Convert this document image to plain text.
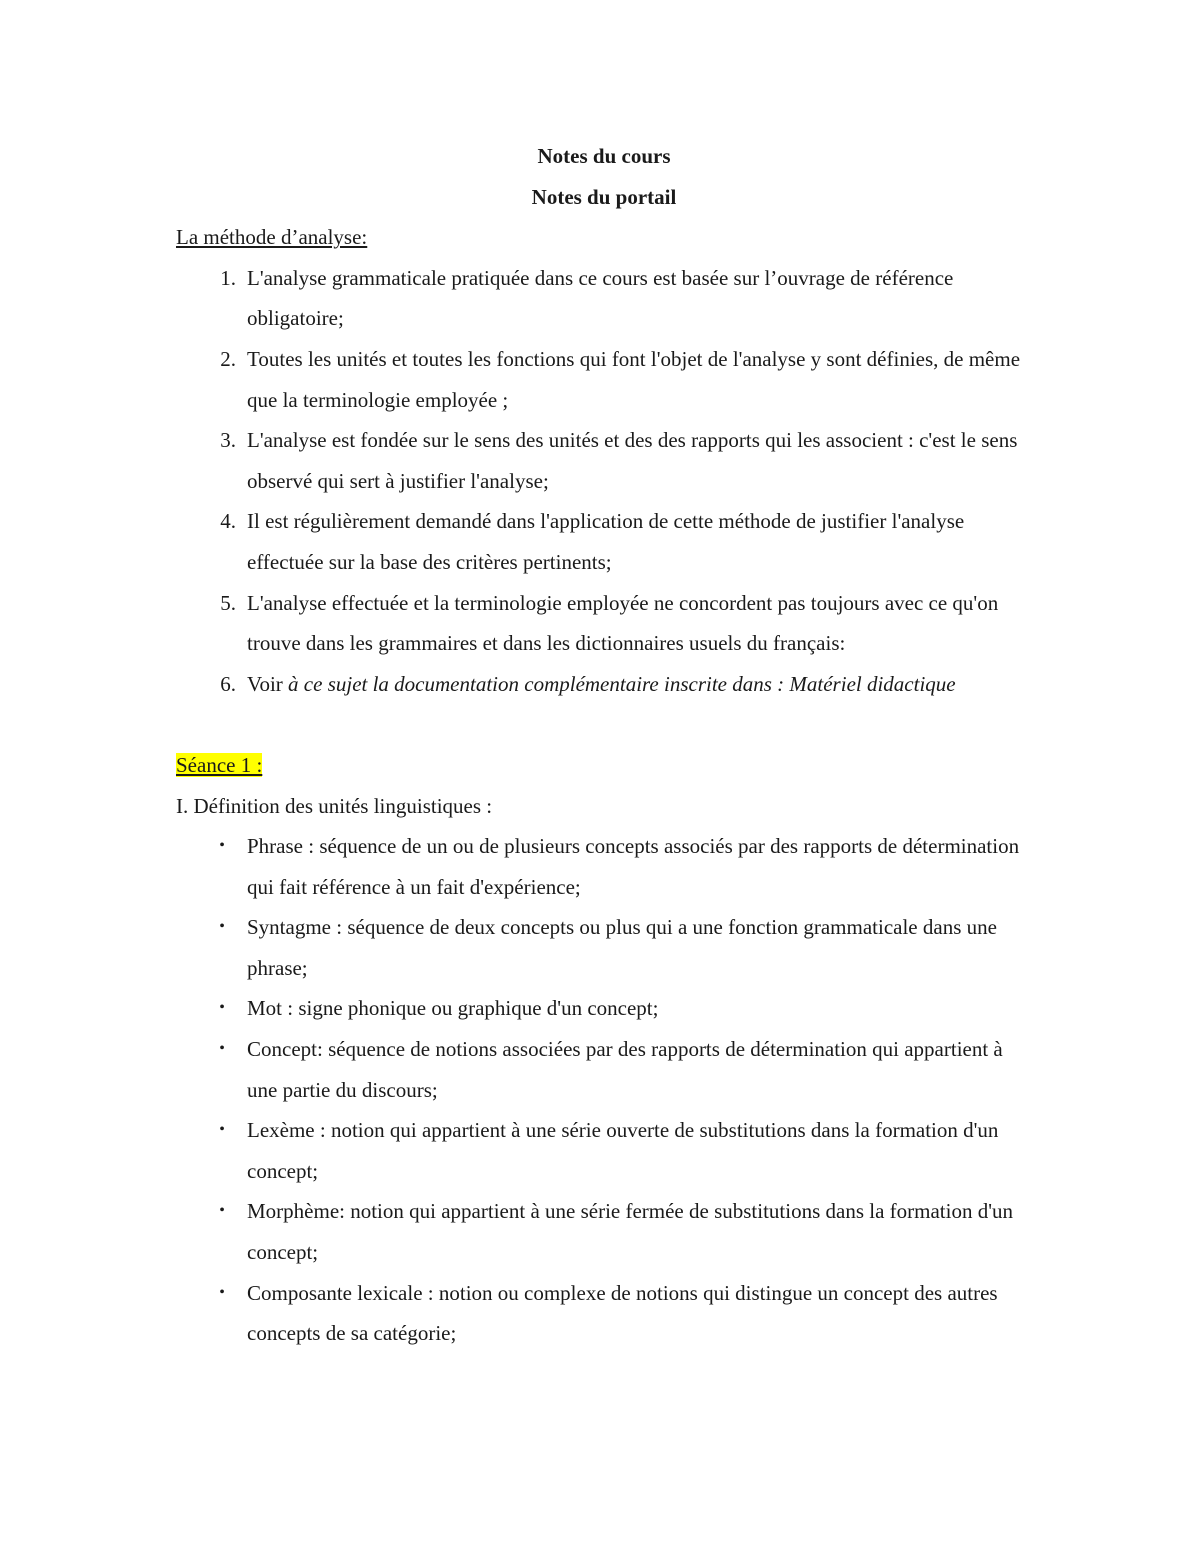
Notes du cours

Notes du portail

La méthode d’analyse:

1. L'analyse grammaticale pratiquée dans ce cours est basée sur l’ouvrage de référence obligatoire;
2. Toutes les unités et toutes les fonctions qui font l'objet de l'analyse y sont définies, de même que la terminologie employée ;
3. L'analyse est fondée sur le sens des unités et des des rapports qui les associent : c'est le sens observé qui sert à justifier l'analyse;
4. Il est régulièrement demandé dans l'application de cette méthode de justifier l'analyse effectuée sur la base des critères pertinents;
5. L'analyse effectuée et la terminologie employée ne concordent pas toujours avec ce qu'on trouve dans les grammaires et dans les dictionnaires usuels du français:
6. Voir à ce sujet la documentation complémentaire inscrite dans : Matériel didactique

Séance 1 :

I. Définition des unités linguistiques :

• Phrase : séquence de un ou de plusieurs concepts associés par des rapports de détermination qui fait référence à un fait d'expérience;
• Syntagme : séquence de deux concepts ou plus qui a une fonction grammaticale dans une phrase;
• Mot : signe phonique ou graphique d'un concept;
• Concept: séquence de notions associées par des rapports de détermination qui appartient à une partie du discours;
• Lexème : notion qui appartient à une série ouverte de substitutions dans la formation d'un concept;
• Morphème: notion qui appartient à une série fermée de substitutions dans la formation d'un concept;
• Composante lexicale : notion ou complexe de notions qui distingue un concept des autres concepts de sa catégorie;
